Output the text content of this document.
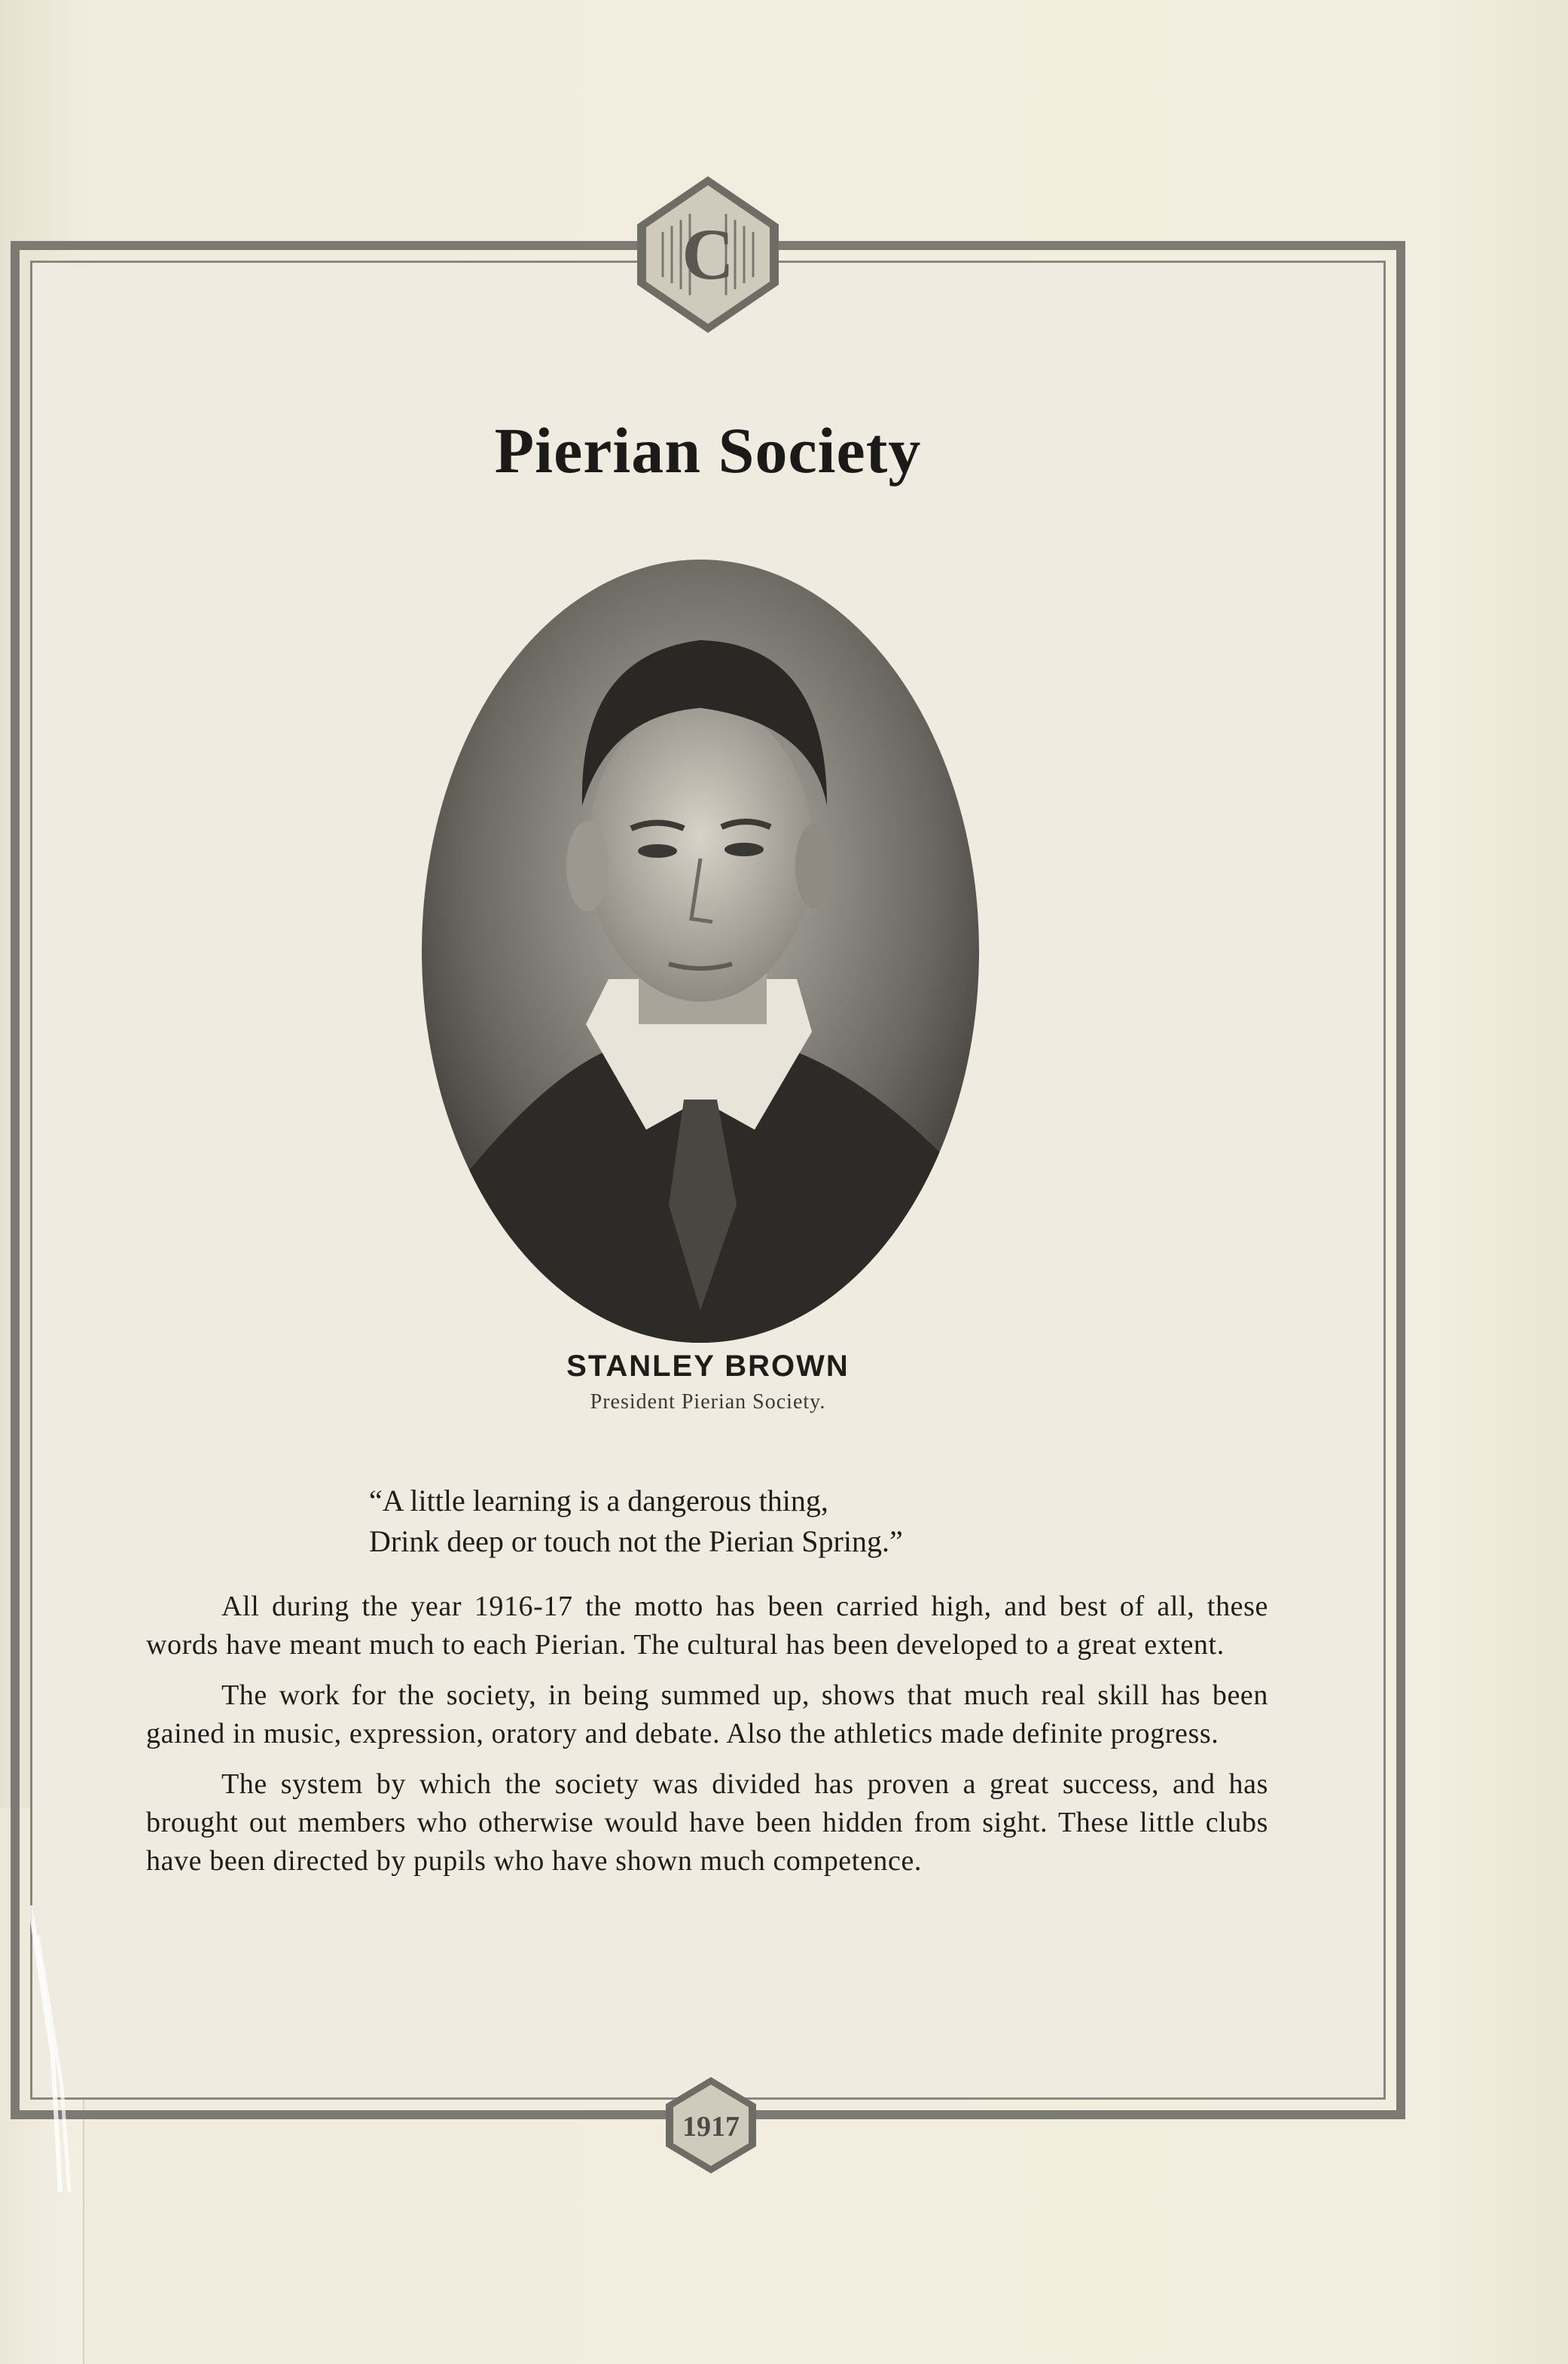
C
1917
Pierian Society
STANLEY BROWN
President Pierian Society.
“A little learning is a dangerous thing,
Drink deep or touch not the Pierian Spring.”

All during the year 1916-17 the motto has been carried high, and best of all, these words have meant much to each Pierian. The cultural has been developed to a great extent.

The work for the society, in being summed up, shows that much real skill has been gained in music, expression, oratory and debate. Also the athletics made definite progress.

The system by which the society was divided has proven a great success, and has brought out members who otherwise would have been hidden from sight. These little clubs have been directed by pupils who have shown much competence.
